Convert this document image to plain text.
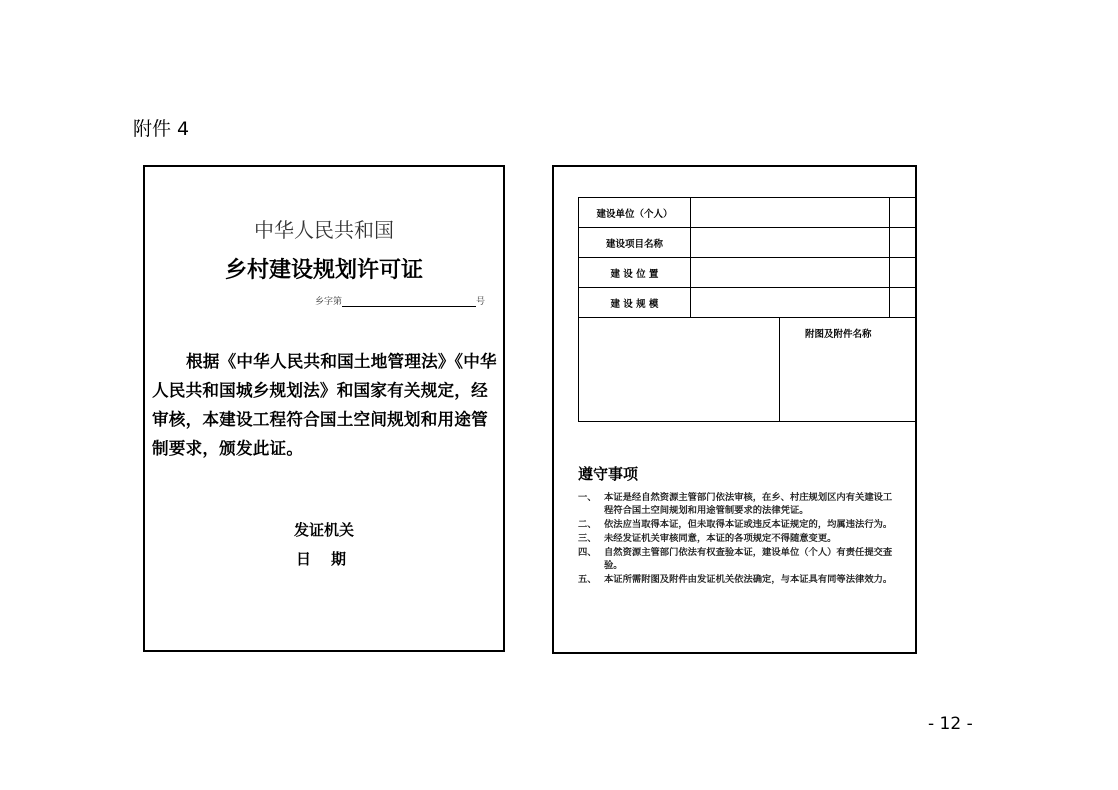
附件 4
中华人民共和国
乡村建设规划许可证
乡字第	号
根据《中华人民共和国土地管理法》《中华人民共和国城乡规划法》和国家有关规定，经审核，本建设工程符合国土空间规划和用途管制要求，颁发此证。
发证机关
日期
建设单位（个人）		
建设项目名称		
建 设 位 置		
建 设 规 模		
附图及附件名称
遵守事项
一、 本证是经自然资源主管部门依法审核，在乡、村庄规划区内有关建设工程符合国土空间规划和用途管制要求的法律凭证。
二、 依法应当取得本证，但未取得本证或违反本证规定的，均属违法行为。
三、 未经发证机关审核同意，本证的各项规定不得随意变更。
四、 自然资源主管部门依法有权查验本证，建设单位（个人）有责任提交查验。
五、 本证所需附图及附件由发证机关依法确定，与本证具有同等法律效力。
- 12 -
